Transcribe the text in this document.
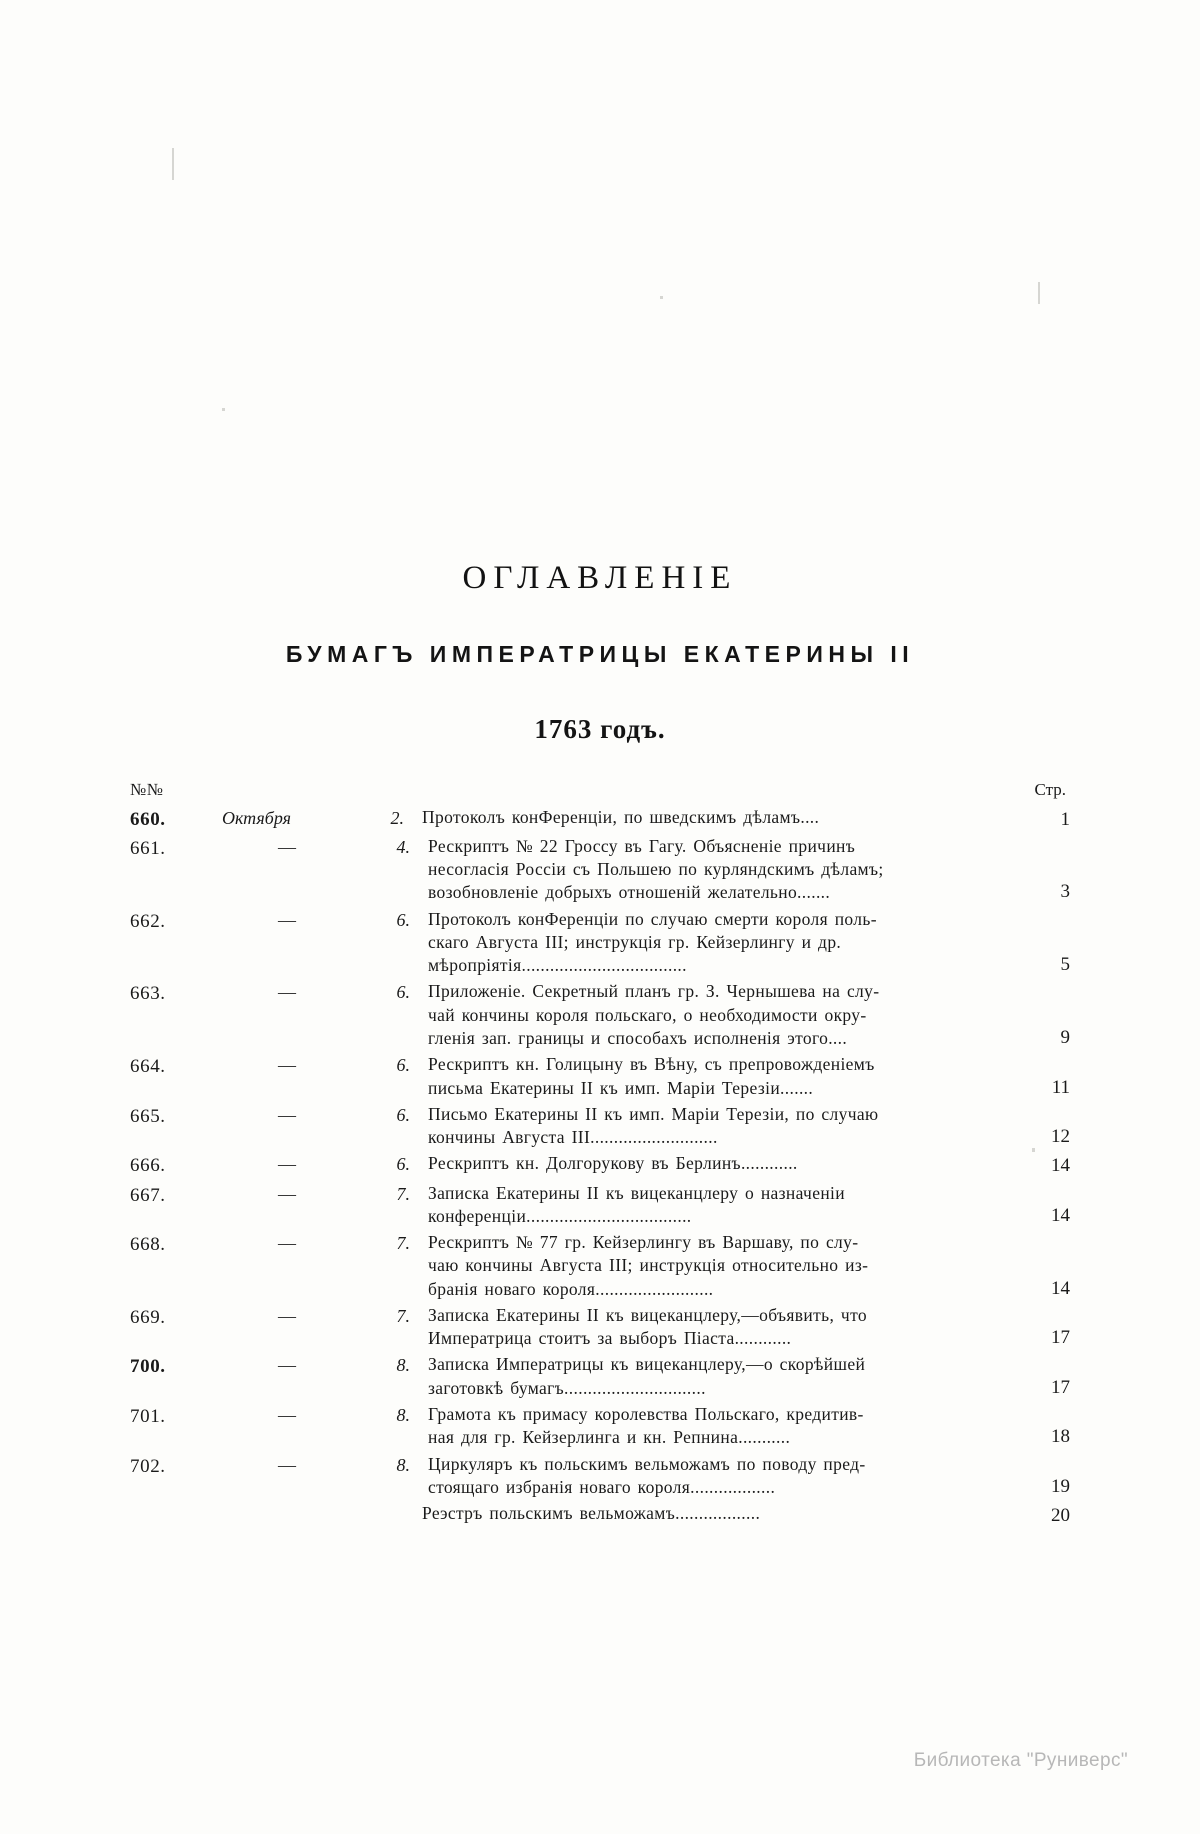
ОГЛАВЛЕНІЕ
БУМАГЪ ИМПЕРАТРИЦЫ ЕКАТЕРИНЫ II
1763 годъ.
№№	Стр.
660.	Октября	2.	Протоколъ конФеренціи, по шведскимъ дѣламъ....	1
661.	—	4.	Рескриптъ № 22 Гроссу въ Гагу. Объясненіе причинъ
несогласія Россіи съ Польшею по курляндскимъ дѣламъ;
возобновленіе добрыхъ отношеній желательно.......	3
662.	—	6.	Протоколъ конФеренціи по случаю смерти короля поль-
скаго Августа III; инструкція гр. Кейзерлингу и др.
мѣропріятія...................................	5
663.	—	6.	Приложеніе. Секретный планъ гр. З. Чернышева на слу-
чай кончины короля польскаго, о необходимости окру-
гленія зап. границы и способахъ исполненія этого....	9
664.	—	6.	Рескриптъ кн. Голицыну въ Вѣну, съ препровожденіемъ
письма Екатерины II къ имп. Маріи Терезіи.......	11
665.	—	6.	Письмо Екатерины II къ имп. Маріи Терезіи, по случаю
кончины Августа III...........................	12
666.	—	6.	Рескриптъ кн. Долгорукову въ Берлинъ............	14
667.	—	7.	Записка Екатерины II къ вицеканцлеру о назначеніи
конференціи...................................	14
668.	—	7.	Рескриптъ № 77 гр. Кейзерлингу въ Варшаву, по слу-
чаю кончины Августа III; инструкція относительно из-
бранія новаго короля.........................	14
669.	—	7.	Записка Екатерины II къ вицеканцлеру,—объявить, что
Императрица стоитъ за выборъ Пiаста............	17
700.	—	8.	Записка Императрицы къ вицеканцлеру,—о скорѣйшей
заготовкѣ бумагъ..............................	17
701.	—	8.	Грамота къ примасу королевства Польскаго, кредитив-
ная для гр. Кейзерлинга и кн. Репнина...........	18
702.	—	8.	Циркуляръ къ польскимъ вельможамъ по поводу пред-
стоящаго избранія новаго короля..................	19
Реэстръ польскимъ вельможамъ..................	20
Библиотека "Руниверс"
